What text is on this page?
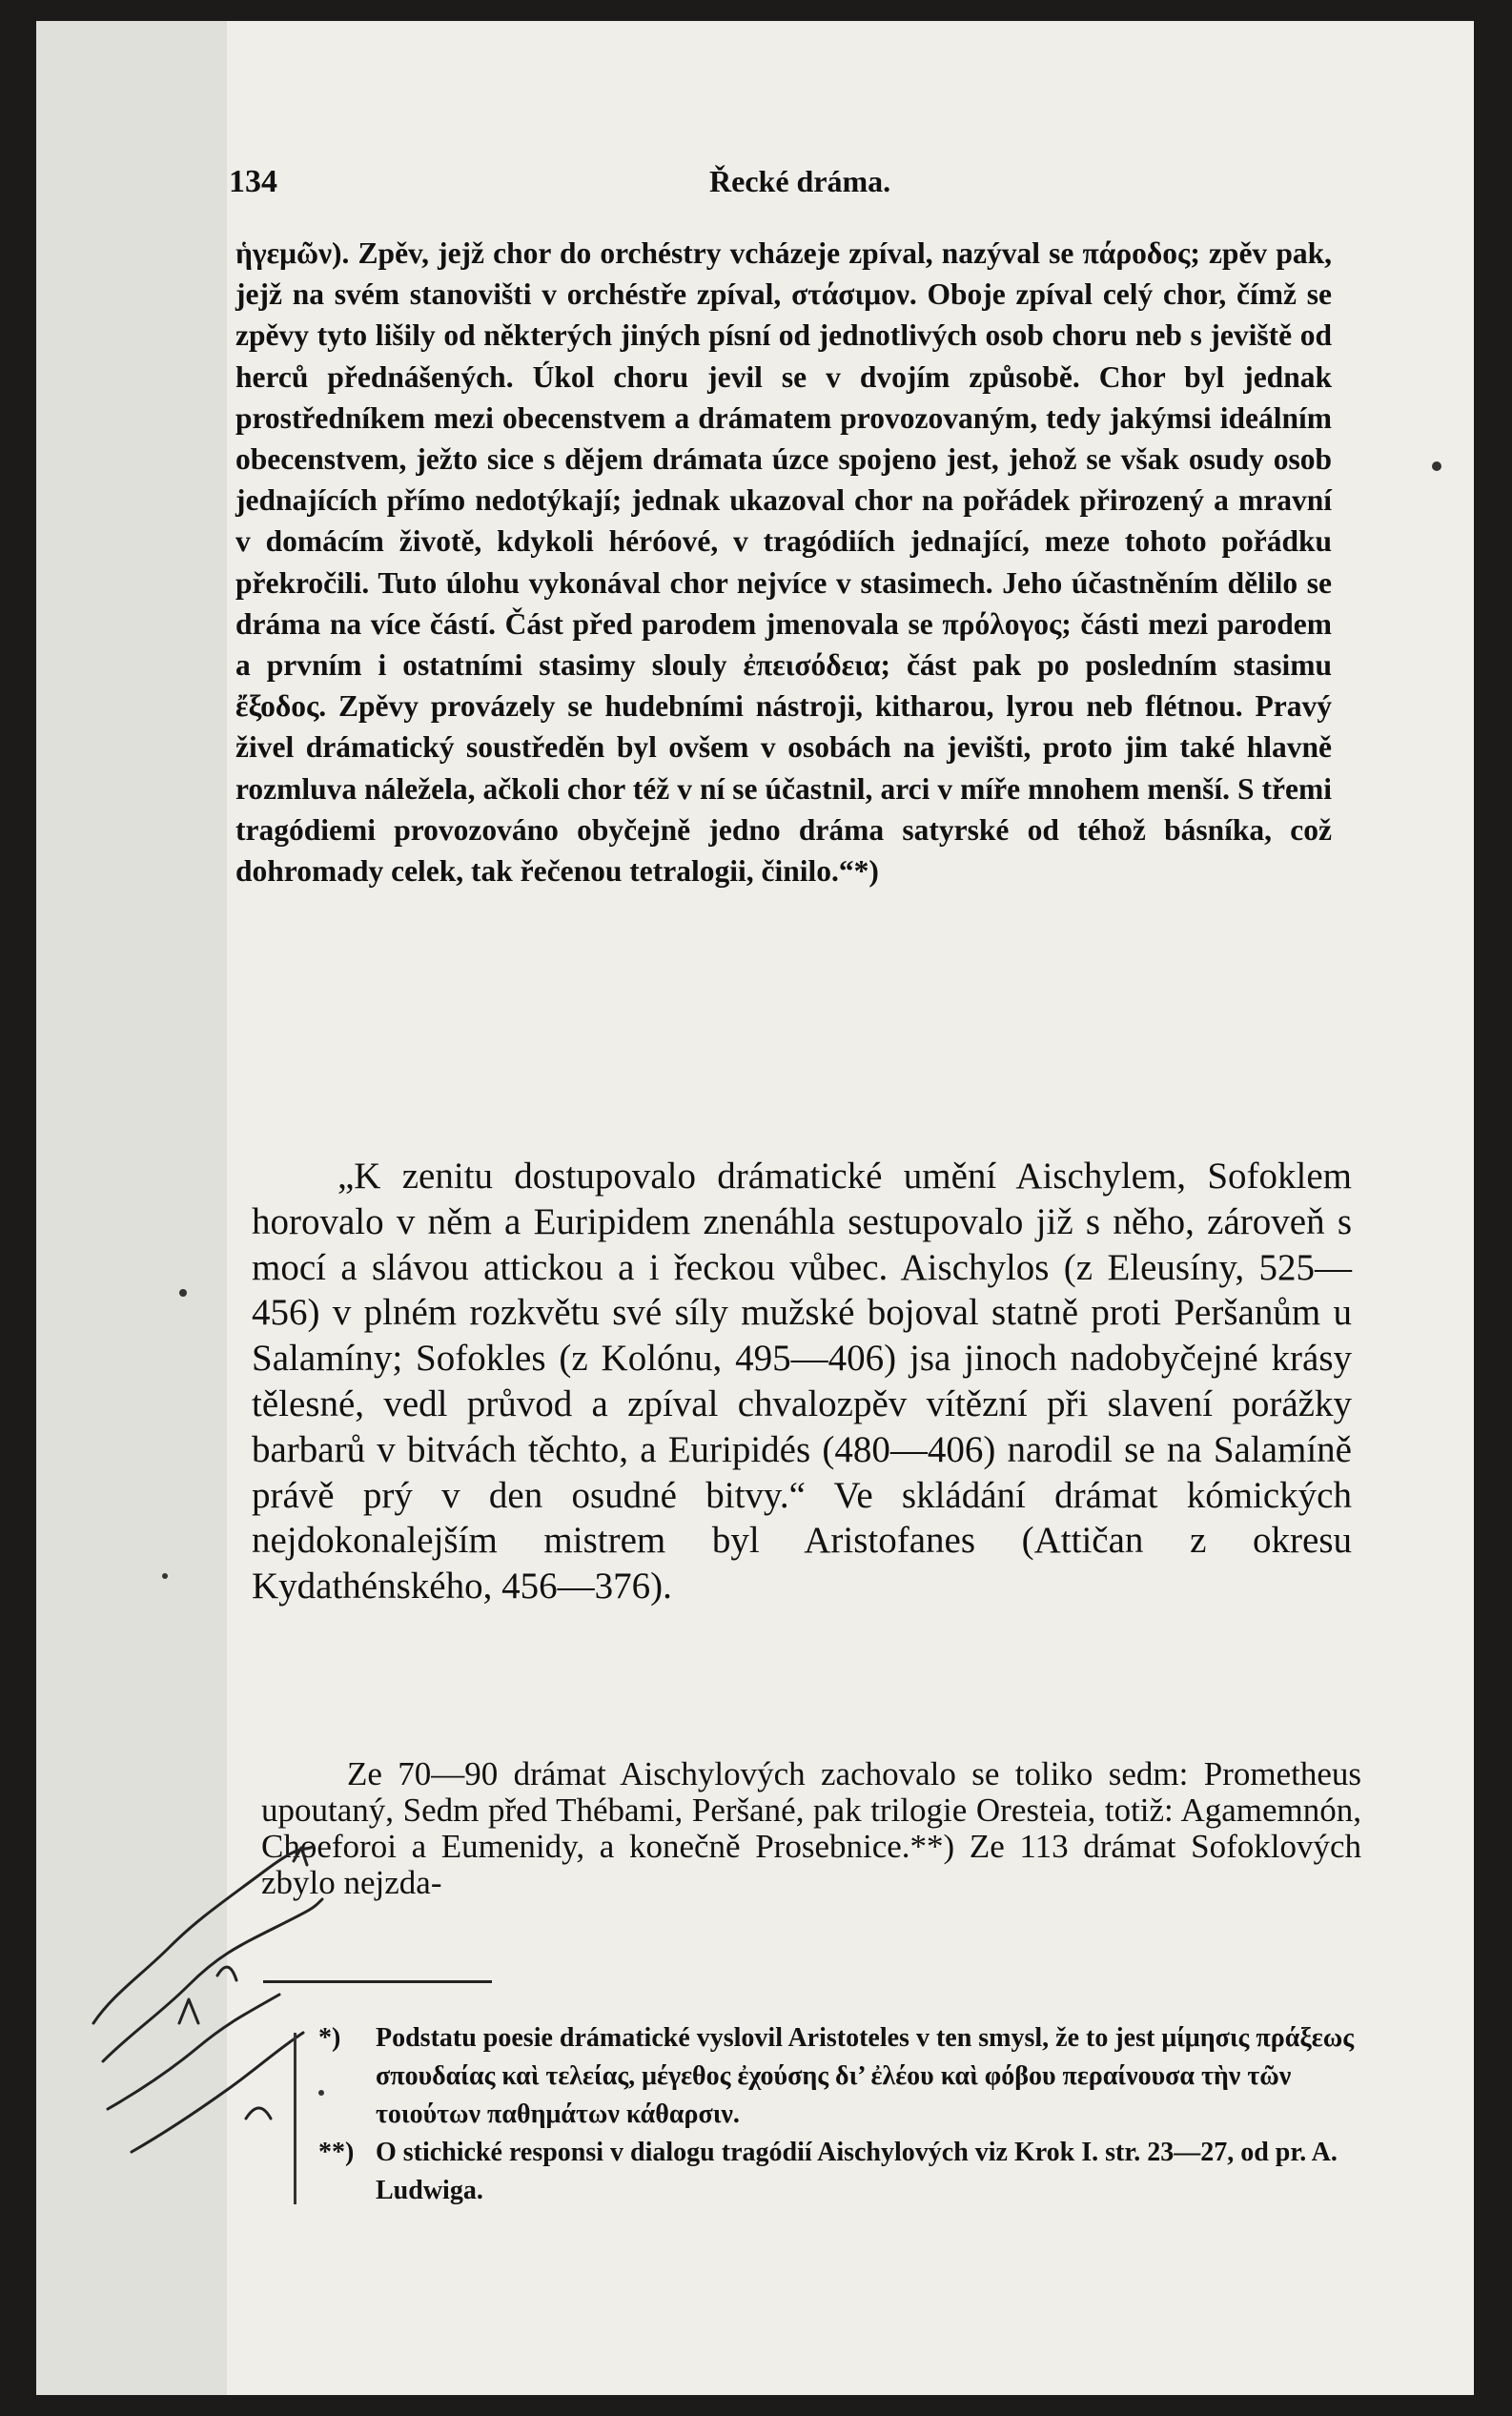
134	Řecké dráma.

ἡγεμῶν). Zpěv, jejž chor do orchéstry vcházeje zpíval, nazýval se πάροδος; zpěv pak, jejž na svém stanovišti v orchéstře zpíval, στάσιμον. Oboje zpíval celý chor, čímž se zpěvy tyto lišily od některých jiných písní od jednotlivých osob choru neb s jeviště od herců přednášených. Úkol choru jevil se v dvojím způsobě. Chor byl jednak prostředníkem mezi obecenstvem a drámatem provozovaným, tedy jakýmsi ideálním obecenstvem, ježto sice s dějem drámata úzce spojeno jest, jehož se však osudy osob jednajících přímo nedotýkají; jednak ukazoval chor na pořádek přirozený a mravní v domácím životě, kdykoli héróové, v tragódiích jednající, meze tohoto pořádku překročili. Tuto úlohu vykonával chor nejvíce v stasimech. Jeho účastněním dělilo se dráma na více částí. Část před parodem jmenovala se πρόλογος; části mezi parodem a prvním i ostatními stasimy slouly ἐπεισόδεια; část pak po posledním stasimu ἔξοδος. Zpěvy provázely se hudebními nástroji, kitharou, lyrou neb flétnou. Pravý živel drámatický soustředěn byl ovšem v osobách na jevišti, proto jim také hlavně rozmluva náležela, ačkoli chor též v ní se účastnil, arci v míře mnohem menší. S třemi tragódiemi provozováno obyčejně jedno dráma satyrské od téhož básníka, což dohromady celek, tak řečenou tetralogii, činilo.“*)

„K zenitu dostupovalo drámatické umění Aischylem, Sofoklem horovalo v něm a Euripidem znenáhla sestupovalo již s něho, zároveň s mocí a slávou attickou a i řeckou vůbec. Aischylos (z Eleusíny, 525—456) v plném rozkvětu své síly mužské bojoval statně proti Peršanům u Salamíny; Sofokles (z Kolónu, 495—406) jsa jinoch nadobyčejné krásy tělesné, vedl průvod a zpíval chvalozpěv vítězní při slavení porážky barbarů v bitvách těchto, a Euripidés (480—406) narodil se na Salamíně právě prý v den osudné bitvy.“ Ve skládání drámat kómických nejdokonalejším mistrem byl Aristofanes (Attičan z okresu Kydathénského, 456—376).

Ze 70—90 drámat Aischylových zachovalo se toliko sedm: Prometheus upoutaný, Sedm před Thébami, Peršané, pak trilogie Oresteia, totiž: Agamemnón, Choeforoi a Eumenidy, a konečně Prosebnice.**) Ze 113 drámat Sofoklových zbylo nejzda-

*)	Podstatu poesie drámatické vyslovil Aristoteles v ten smysl, že to jest μίμησις πράξεως σπουδαίας καὶ τελείας, μέγεθος ἐχούσης δι’ ἐλέου καὶ φόβου περαίνουσα τὴν τῶν τοιούτων παθημάτων κάθαρσιν.

**) O stichické responsi v dialogu tragódií Aischylových viz Krok I. str. 23—27, od pr. A. Ludwiga.
